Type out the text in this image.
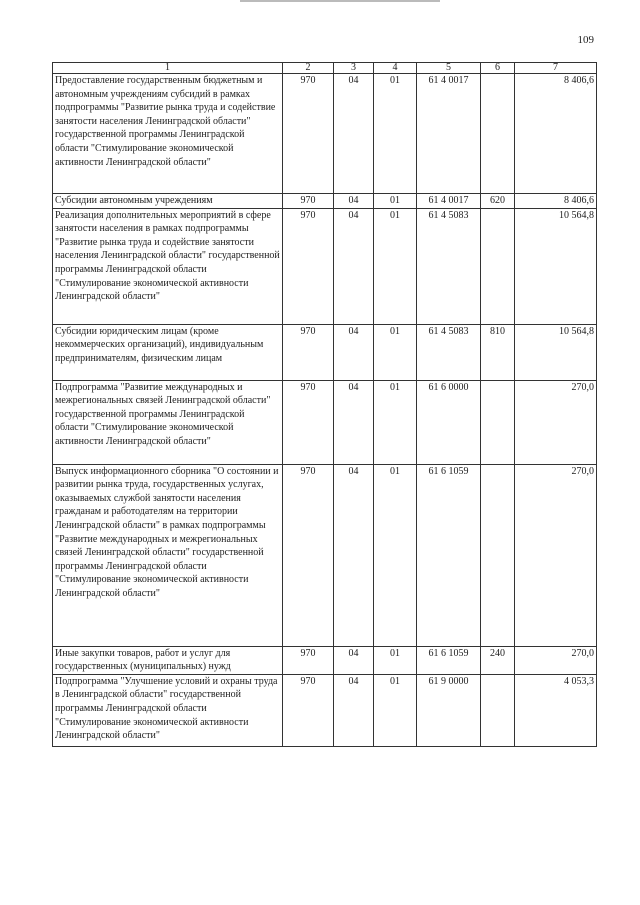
109
1	2	3	4	5	6	7
Предоставление государственным бюджетным и автономным учреждениям субсидий в рамках подпрограммы "Развитие рынка труда и содействие занятости населения Ленинградской области" государственной программы Ленинградской области "Стимулирование экономической активности Ленинградской области"	970	04	01	61 4 0017		8 406,6
Субсидии автономным учреждениям	970	04	01	61 4 0017	620	8 406,6
Реализация дополнительных мероприятий в сфере занятости населения в рамках подпрограммы "Развитие рынка труда и содействие занятости населения Ленинградской области" государственной программы Ленинградской области "Стимулирование экономической активности Ленинградской области"	970	04	01	61 4 5083		10 564,8
Субсидии юридическим лицам (кроме некоммерческих организаций), индивидуальным предпринимателям, физическим лицам	970	04	01	61 4 5083	810	10 564,8
Подпрограмма "Развитие международных и межрегиональных связей Ленинградской области" государственной программы Ленинградской области "Стимулирование экономической активности Ленинградской области"	970	04	01	61 6 0000		270,0
Выпуск информационного сборника "О состоянии и развитии рынка труда, государственных услугах, оказываемых службой занятости населения гражданам и работодателям на территории Ленинградской области" в рамках подпрограммы "Развитие международных и межрегиональных связей Ленинградской области" государственной программы Ленинградской области "Стимулирование экономической активности Ленинградской области"	970	04	01	61 6 1059		270,0
Иные закупки товаров, работ и услуг для государственных (муниципальных) нужд	970	04	01	61 6 1059	240	270,0
Подпрограмма "Улучшение условий и охраны труда в Ленинградской области" государственной программы Ленинградской области "Стимулирование экономической активности Ленинградской области"	970	04	01	61 9 0000		4 053,3
